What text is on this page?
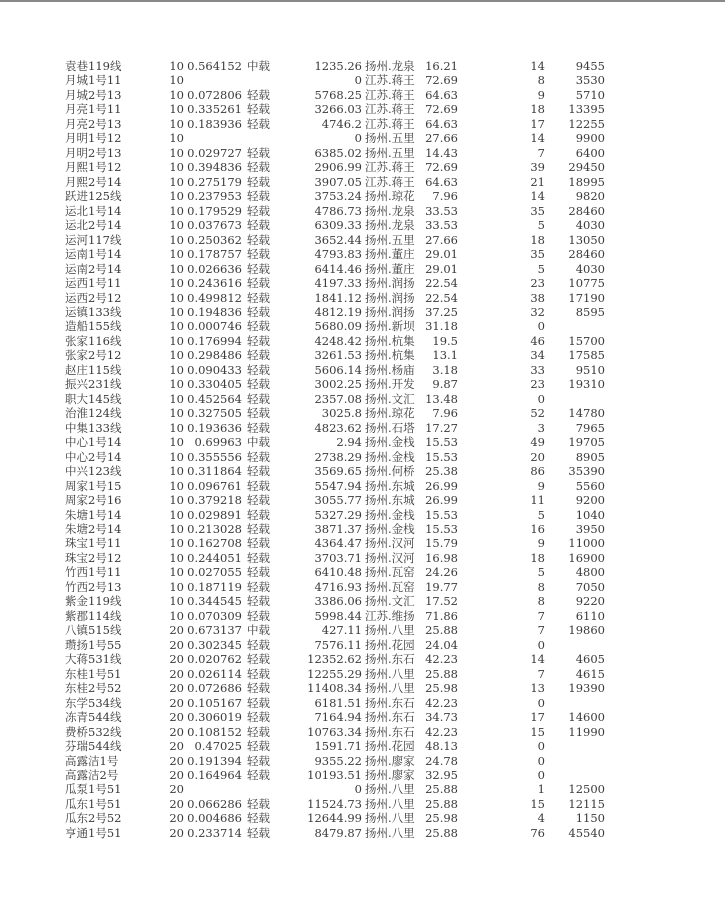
袁巷119线	10 0.564152 中载	1235.26 扬州.龙泉 16.21	14	9455
月城1号11	10	0 江苏.蒋王 72.69	8	3530
月城2号13	10 0.072806 轻载	5768.25 江苏.蒋王 64.63	9	5710
月亮1号11	10 0.335261 轻载	3266.03 江苏.蒋王 72.69	18	13395
月亮2号13	10 0.183936 轻载	4746.2 江苏.蒋王 64.63	17	12255
月明1号12	10	0 扬州.五里 27.66	14	9900
月明2号13	10 0.029727 轻载	6385.02 扬州.五里 14.43	7	6400
月熙1号12	10 0.394836 轻载	2906.99 江苏.蒋王 72.69	39	29450
月熙2号14	10 0.275179 轻载	3907.05 江苏.蒋王 64.63	21	18995
跃进125线	10 0.237953 轻载	3753.24 扬州.琼花	7.96	14	9820
运北1号14	10 0.179529 轻载	4786.73 扬州.龙泉 33.53	35	28460
运北2号14	10 0.037673 轻载	6309.33 扬州.龙泉 33.53	5	4030
运河117线	10 0.250362 轻载	3652.44 扬州.五里 27.66	18	13050
运南1号14	10 0.178757 轻载	4793.83 扬州.董庄 29.01	35	28460
运南2号14	10 0.026636 轻载	6414.46 扬州.董庄 29.01	5	4030
运西1号11	10 0.243616 轻载	4197.33 扬州.润扬 22.54	23	10775
运西2号12	10 0.499812 轻载	1841.12 扬州.润扬 22.54	38	17190
运镇133线	10 0.194836 轻载	4812.19 扬州.润扬 37.25	32	8595
造船155线	10 0.000746 轻载	5680.09 扬州.新坝 31.18	0
张家116线	10 0.176994 轻载	4248.42 扬州.杭集	19.5	46	15700
张家2号12	10 0.298486 轻载	3261.53 扬州.杭集	13.1	34	17585
赵庄115线	10 0.090433 轻载	5606.14 扬州.杨庙	3.18	33	9510
振兴231线	10 0.330405 轻载	3002.25 扬州.开发	9.87	23	19310
职大145线	10 0.452564 轻载	2357.08 扬州.文汇 13.48	0
治淮124线	10 0.327505 轻载	3025.8 扬州.琼花	7.96	52	14780
中集133线	10 0.193636 轻载	4823.62 扬州.石塔 17.27	3	7965
中心1号14	10 0.69963 中载	2.94 扬州.金栈 15.53	49	19705
中心2号14	10 0.355556 轻载	2738.29 扬州.金栈 15.53	20	8905
中兴123线	10 0.311864 轻载	3569.65 扬州.何桥 25.38	86	35390
周家1号15	10 0.096761 轻载	5547.94 扬州.东城 26.99	9	5560
周家2号16	10 0.379218 轻载	3055.77 扬州.东城 26.99	11	9200
朱塘1号14	10 0.029891 轻载	5327.29 扬州.金栈 15.53	5	1040
朱塘2号14	10 0.213028 轻载	3871.37 扬州.金栈 15.53	16	3950
珠宝1号11	10 0.162708 轻载	4364.47 扬州.汉河 15.79	9	11000
珠宝2号12	10 0.244051 轻载	3703.71 扬州.汉河 16.98	18	16900
竹西1号11	10 0.027055 轻载	6410.48 扬州.瓦窑 24.26	5	4800
竹西2号13	10 0.187119 轻载	4716.93 扬州.瓦窑 19.77	8	7050
紫金119线	10 0.344545 轻载	3386.06 扬州.文汇 17.52	8	9220
紫郡114线	10 0.070309 轻载	5998.44 江苏.维扬 71.86	7	6110
八镇515线	20 0.673137 中载	427.11 扬州.八里 25.88	7	19860
瓒扬1号55	20 0.302345 轻载	7576.11 扬州.花园 24.04	0
大蒋531线	20 0.020762 轻载	12352.62 扬州.东石 42.23	14	4605
东桂1号51	20 0.026114 轻载	12255.29 扬州.八里 25.88	7	4615
东桂2号52	20 0.072686 轻载	11408.34 扬州.八里 25.98	13	19390
东学534线	20 0.105167 轻载	6181.51 扬州.东石 42.23	0
冻青544线	20 0.306019 轻载	7164.94 扬州.东石 34.73	17	14600
费桥532线	20 0.108152 轻载	10763.34 扬州.东石 42.23	15	11990
芬瑞544线	20 0.47025 轻载	1591.71 扬州.花园 48.13	0
高露洁1号	20 0.191394 轻载	9355.22 扬州.廖家 24.78	0
高露洁2号	20 0.164964 轻载	10193.51 扬州.廖家 32.95	0
瓜泵1号51	20	0 扬州.八里 25.88	1	12500
瓜东1号51	20 0.066286 轻载	11524.73 扬州.八里 25.88	15	12115
瓜东2号52	20 0.004686 轻载	12644.99 扬州.八里 25.98	4	1150
亨通1号51	20 0.233714 轻载	8479.87 扬州.八里 25.88	76	45540
